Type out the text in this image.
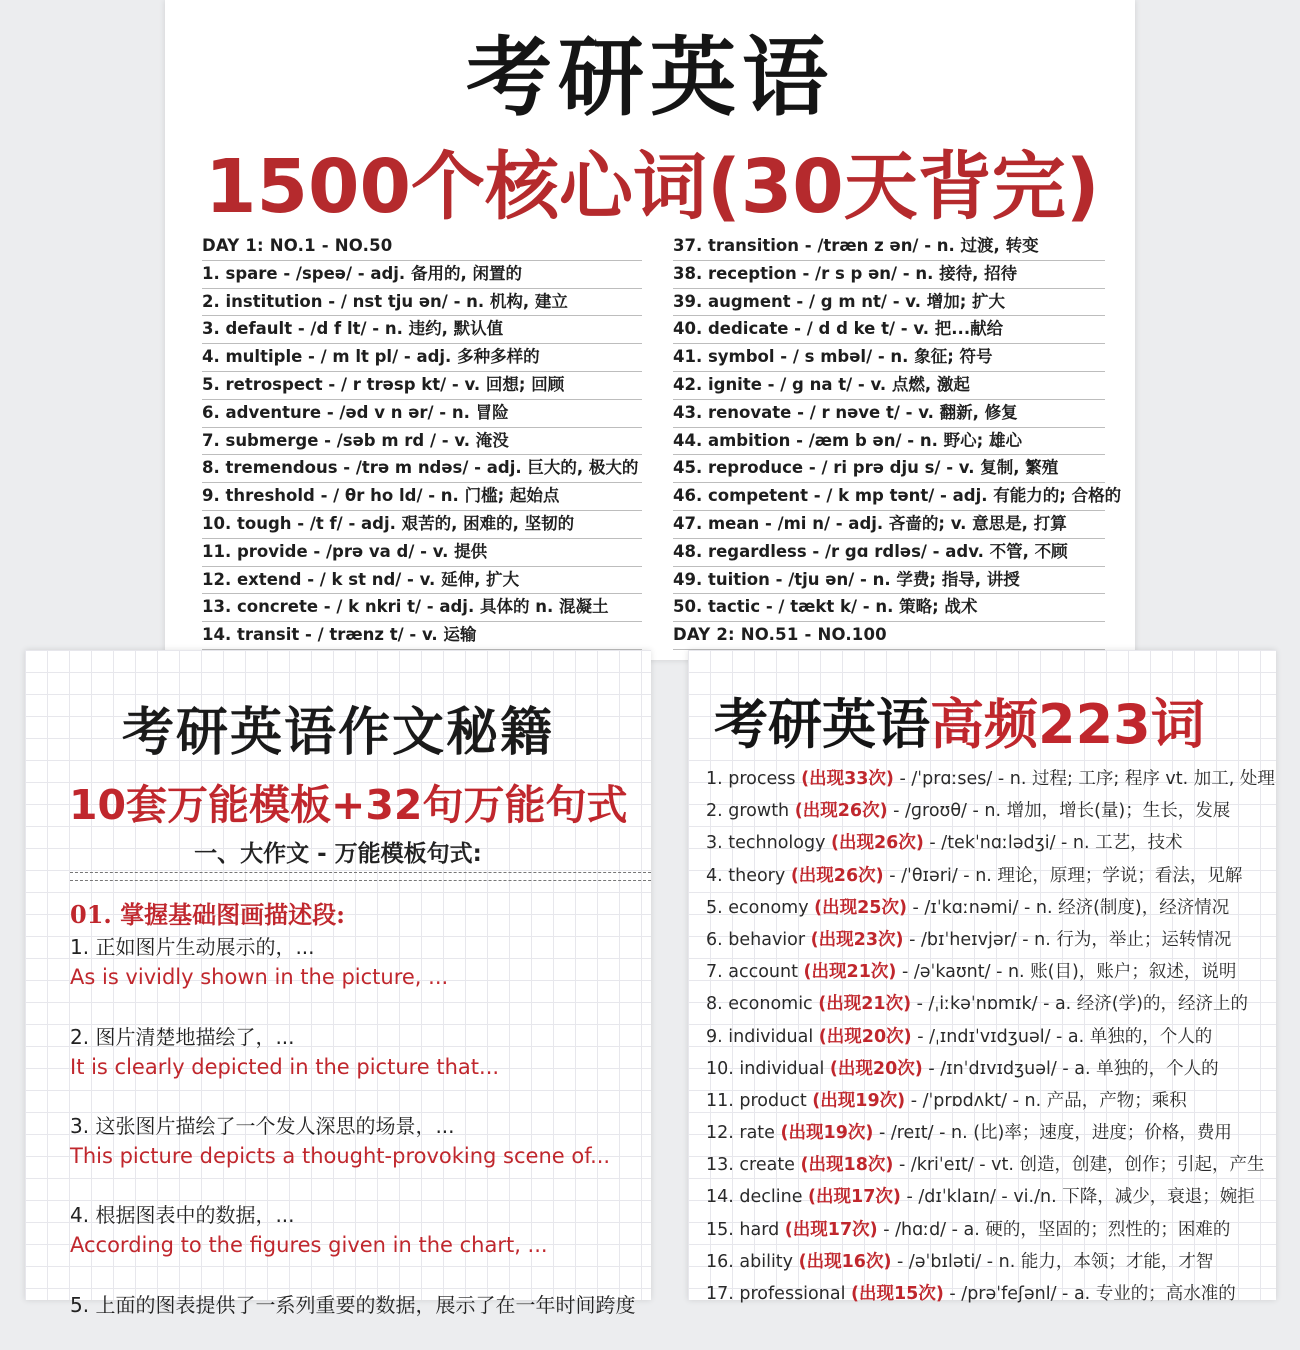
考研英语
1500个核心词(30天背完)
DAY 1: NO.1 - NO.50
1. spare - /speə/ - adj. 备用的, 闲置的
2. institution - / nst tju ən/ - n. 机构, 建立
3. default - /d f lt/ - n. 违约, 默认值
4. multiple - / m lt pl/ - adj. 多种多样的
5. retrospect - / r trəsp kt/ - v. 回想; 回顾
6. adventure - /əd v n ər/ - n. 冒险
7. submerge - /səb m rd / - v. 淹没
8. tremendous - /trə m ndəs/ - adj. 巨大的, 极大的
9. threshold - / θr ho ld/ - n. 门槛; 起始点
10. tough - /t f/ - adj. 艰苦的, 困难的, 坚韧的
11. provide - /prə va d/ - v. 提供
12. extend - / k st nd/ - v. 延伸, 扩大
13. concrete - / k nkri t/ - adj. 具体的 n. 混凝土
14. transit - / trænz t/ - v. 运输
37. transition - /træn z ən/ - n. 过渡, 转变
38. reception - /r s p ən/ - n. 接待, 招待
39. augment - / g m nt/ - v. 增加; 扩大
40. dedicate - / d d ke t/ - v. 把...献给
41. symbol - / s mbəl/ - n. 象征; 符号
42. ignite - / g na t/ - v. 点燃, 激起
43. renovate - / r nəve t/ - v. 翻新, 修复
44. ambition - /æm b ən/ - n. 野心; 雄心
45. reproduce - / ri prə dju s/ - v. 复制, 繁殖
46. competent - / k mp tənt/ - adj. 有能力的; 合格的
47. mean - /mi n/ - adj. 吝啬的; v. 意思是, 打算
48. regardless - /r gɑ rdləs/ - adv. 不管, 不顾
49. tuition - /tju ən/ - n. 学费; 指导, 讲授
50. tactic - / tækt k/ - n. 策略; 战术
DAY 2: NO.51 - NO.100
考研英语作文秘籍
10套万能模板+32句万能句式
一、大作文 - 万能模板句式:
01. 掌握基础图画描述段:
1. 正如图片生动展示的，...
As is vividly shown in the picture, ...
2. 图片清楚地描绘了，...
It is clearly depicted in the picture that...
3. 这张图片描绘了一个发人深思的场景，...
This picture depicts a thought-provoking scene of...
4. 根据图表中的数据，...
According to the figures given in the chart, ...
5. 上面的图表提供了一系列重要的数据，展示了在一年时间跨度
考研英语高频223词
1. process (出现33次) - /ˈprɑːses/ - n. 过程; 工序; 程序 vt. 加工, 处理
2. growth (出现26次) - /ɡroʊθ/ - n. 增加，增长(量)；生长，发展
3. technology (出现26次) - /tekˈnɑːlədʒi/ - n. 工艺，技术
4. theory (出现26次) - /ˈθɪəri/ - n. 理论，原理；学说；看法，见解
5. economy (出现25次) - /ɪˈkɑːnəmi/ - n. 经济(制度)，经济情况
6. behavior (出现23次) - /bɪˈheɪvjər/ - n. 行为，举止；运转情况
7. account (出现21次) - /əˈkaʊnt/ - n. 账(目)，账户；叙述，说明
8. economic (出现21次) - /ˌiːkəˈnɒmɪk/ - a. 经济(学)的，经济上的
9. individual (出现20次) - /ˌɪndɪˈvɪdʒuəl/ - a. 单独的，个人的
10. individual (出现20次) - /ɪnˈdɪvɪdʒuəl/ - a. 单独的，个人的
11. product (出现19次) - /ˈprɒdʌkt/ - n. 产品，产物；乘积
12. rate (出现19次) - /reɪt/ - n. (比)率；速度，进度；价格，费用
13. create (出现18次) - /kriˈeɪt/ - vt. 创造，创建，创作；引起，产生
14. decline (出现17次) - /dɪˈklaɪn/ - vi./n. 下降，减少，衰退；婉拒
15. hard (出现17次) - /hɑːd/ - a. 硬的，坚固的；烈性的；困难的
16. ability (出现16次) - /əˈbɪləti/ - n. 能力，本领；才能，才智
17. professional (出现15次) - /prəˈfeʃənl/ - a. 专业的；高水准的
